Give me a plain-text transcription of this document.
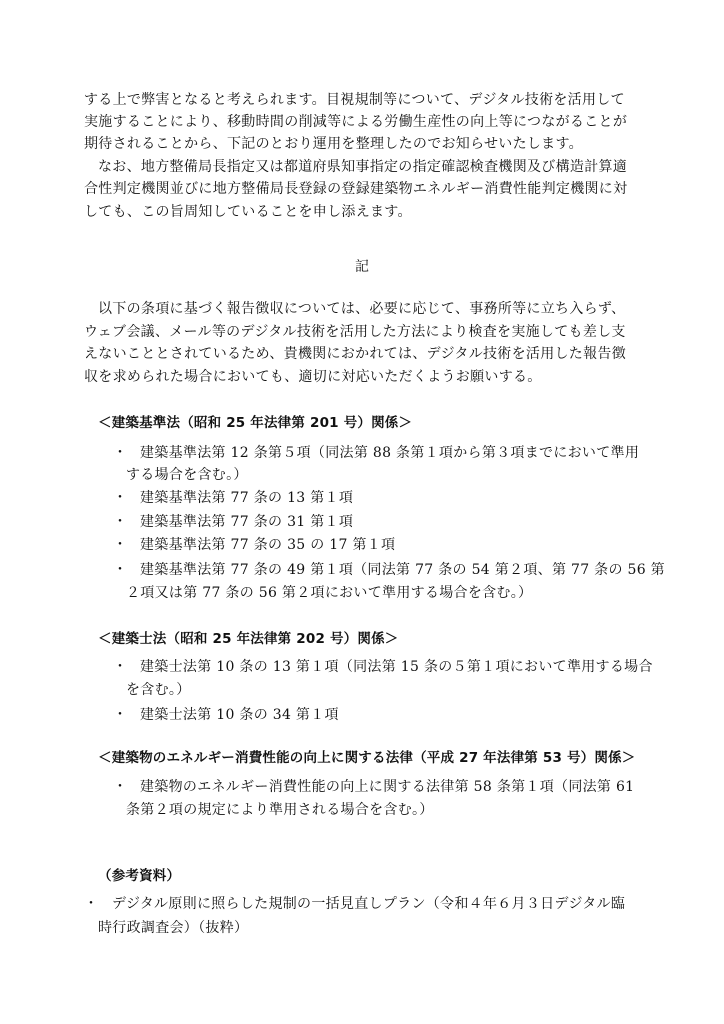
する上で弊害となると考えられます。目視規制等について、デジタル技術を活用して
実施することにより、移動時間の削減等による労働生産性の向上等につながることが
期待されることから、下記のとおり運用を整理したのでお知らせいたします。
なお、地方整備局長指定又は都道府県知事指定の指定確認検査機関及び構造計算適
合性判定機関並びに地方整備局長登録の登録建築物エネルギー消費性能判定機関に対
しても、この旨周知していることを申し添えます。
記
以下の条項に基づく報告徴収については、必要に応じて、事務所等に立ち入らず、
ウェブ会議、メール等のデジタル技術を活用した方法により検査を実施しても差し支
えないこととされているため、貴機関におかれては、デジタル技術を活用した報告徴
収を求められた場合においても、適切に対応いただくようお願いする。
＜建築基準法（昭和 25 年法律第 201 号）関係＞
・ 建築基準法第 12 条第５項（同法第 88 条第１項から第３項までにおいて準用
する場合を含む。）
・ 建築基準法第 77 条の 13 第１項
・ 建築基準法第 77 条の 31 第１項
・ 建築基準法第 77 条の 35 の 17 第１項
・ 建築基準法第 77 条の 49 第１項（同法第 77 条の 54 第２項、第 77 条の 56 第
２項又は第 77 条の 56 第２項において準用する場合を含む。）
＜建築士法（昭和 25 年法律第 202 号）関係＞
・ 建築士法第 10 条の 13 第１項（同法第 15 条の５第１項において準用する場合
を含む。）
・ 建築士法第 10 条の 34 第１項
＜建築物のエネルギー消費性能の向上に関する法律（平成 27 年法律第 53 号）関係＞
・ 建築物のエネルギー消費性能の向上に関する法律第 58 条第１項（同法第 61
条第２項の規定により準用される場合を含む。）
（参考資料）
・ デジタル原則に照らした規制の一括見直しプラン（令和４年６月３日デジタル臨
時行政調査会）（抜粋）
